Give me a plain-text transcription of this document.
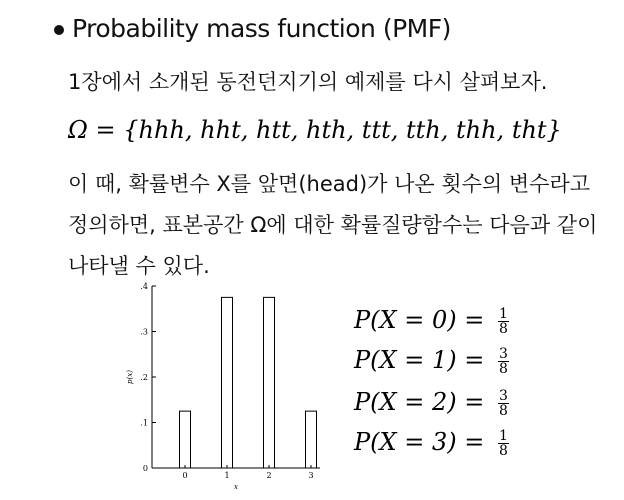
Probability mass function (PMF)
1장에서 소개된 동전던지기의 예제를 다시 살펴보자.
Ω = {hhh, hht, htt, hth, ttt, tth, thh, tht}
이 때, 확률변수 X를 앞면(head)가 나온 횟수의 변수라고
정의하면, 표본공간 Ω에 대한 확률질량함수는 다음과 같이
나타낼 수 있다.
.4
.3
.2
.1
0
0	1	2	3
x
p(x)
$P(X = 0) = \frac{1}{8}$
$P(X = 1) = \frac{3}{8}$
$P(X = 2) = \frac{3}{8}$
$P(X = 3) = \frac{1}{8}$
